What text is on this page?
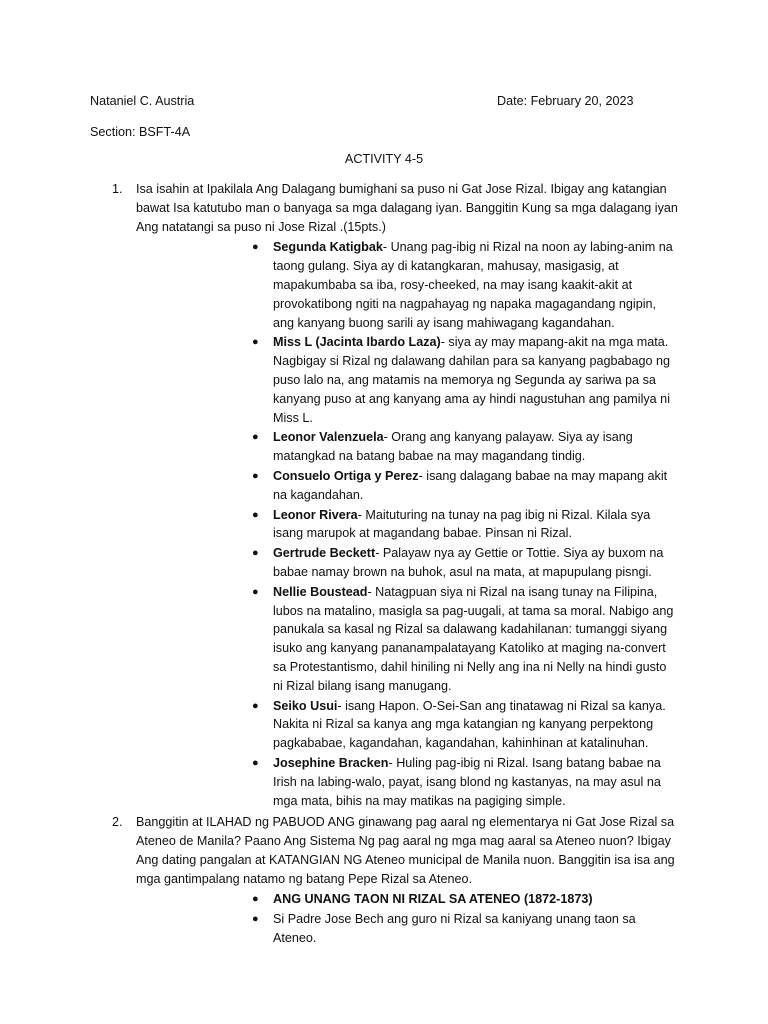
Nataniel C. Austria	Date: February 20, 2023
Section: BSFT-4A
ACTIVITY 4-5
1. Isa isahin at Ipakilala Ang Dalagang bumighani sa puso ni Gat Jose Rizal. Ibigay ang katangian bawat Isa katutubo man o banyaga sa mga dalagang iyan. Banggitin Kung sa mga dalagang iyan Ang natatangi sa puso ni Jose Rizal .(15pts.)
● Segunda Katigbak- Unang pag-ibig ni Rizal na noon ay labing-anim na taong gulang. Siya ay di katangkaran, mahusay, masigasig, at mapakumbaba sa iba, rosy-cheeked, na may isang kaakit-akit at provokatibong ngiti na nagpahayag ng napaka magagandang ngipin, ang kanyang buong sarili ay isang mahiwagang kagandahan.
● Miss L (Jacinta Ibardo Laza)- siya ay may mapang-akit na mga mata. Nagbigay si Rizal ng dalawang dahilan para sa kanyang pagbabago ng puso lalo na, ang matamis na memorya ng Segunda ay sariwa pa sa kanyang puso at ang kanyang ama ay hindi nagustuhan ang pamilya ni Miss L.
● Leonor Valenzuela- Orang ang kanyang palayaw. Siya ay isang matangkad na batang babae na may magandang tindig.
● Consuelo Ortiga y Perez- isang dalagang babae na may mapang akit na kagandahan.
● Leonor Rivera- Maituturing na tunay na pag ibig ni Rizal. Kilala sya isang marupok at magandang babae. Pinsan ni Rizal.
● Gertrude Beckett- Palayaw nya ay Gettie or Tottie. Siya ay buxom na babae namay brown na buhok, asul na mata, at mapupulang pisngi.
● Nellie Boustead- Natagpuan siya ni Rizal na isang tunay na Filipina, lubos na matalino, masigla sa pag-uugali, at tama sa moral. Nabigo ang panukala sa kasal ng Rizal sa dalawang kadahilanan: tumanggi siyang isuko ang kanyang pananampalatayang Katoliko at maging na-convert sa Protestantismo, dahil hiniling ni Nelly ang ina ni Nelly na hindi gusto ni Rizal bilang isang manugang.
● Seiko Usui- isang Hapon. O-Sei-San ang tinatawag ni Rizal sa kanya. Nakita ni Rizal sa kanya ang mga katangian ng kanyang perpektong pagkababae, kagandahan, kagandahan, kahinhinan at katalinuhan.
● Josephine Bracken- Huling pag-ibig ni Rizal. Isang batang babae na Irish na labing-walo, payat, isang blond ng kastanyas, na may asul na mga mata, bihis na may matikas na pagiging simple.
2. Banggitin at ILAHAD ng PABUOD ANG ginawang pag aaral ng elementarya ni Gat Jose Rizal sa Ateneo de Manila? Paano Ang Sistema Ng pag aaral ng mga mag aaral sa Ateneo nuon? Ibigay Ang dating pangalan at KATANGIAN NG Ateneo municipal de Manila nuon. Banggitin isa isa ang mga gantimpalang natamo ng batang Pepe Rizal sa Ateneo.
● ANG UNANG TAON NI RIZAL SA ATENEO (1872-1873)
● Si Padre Jose Bech ang guro ni Rizal sa kaniyang unang taon sa Ateneo.
